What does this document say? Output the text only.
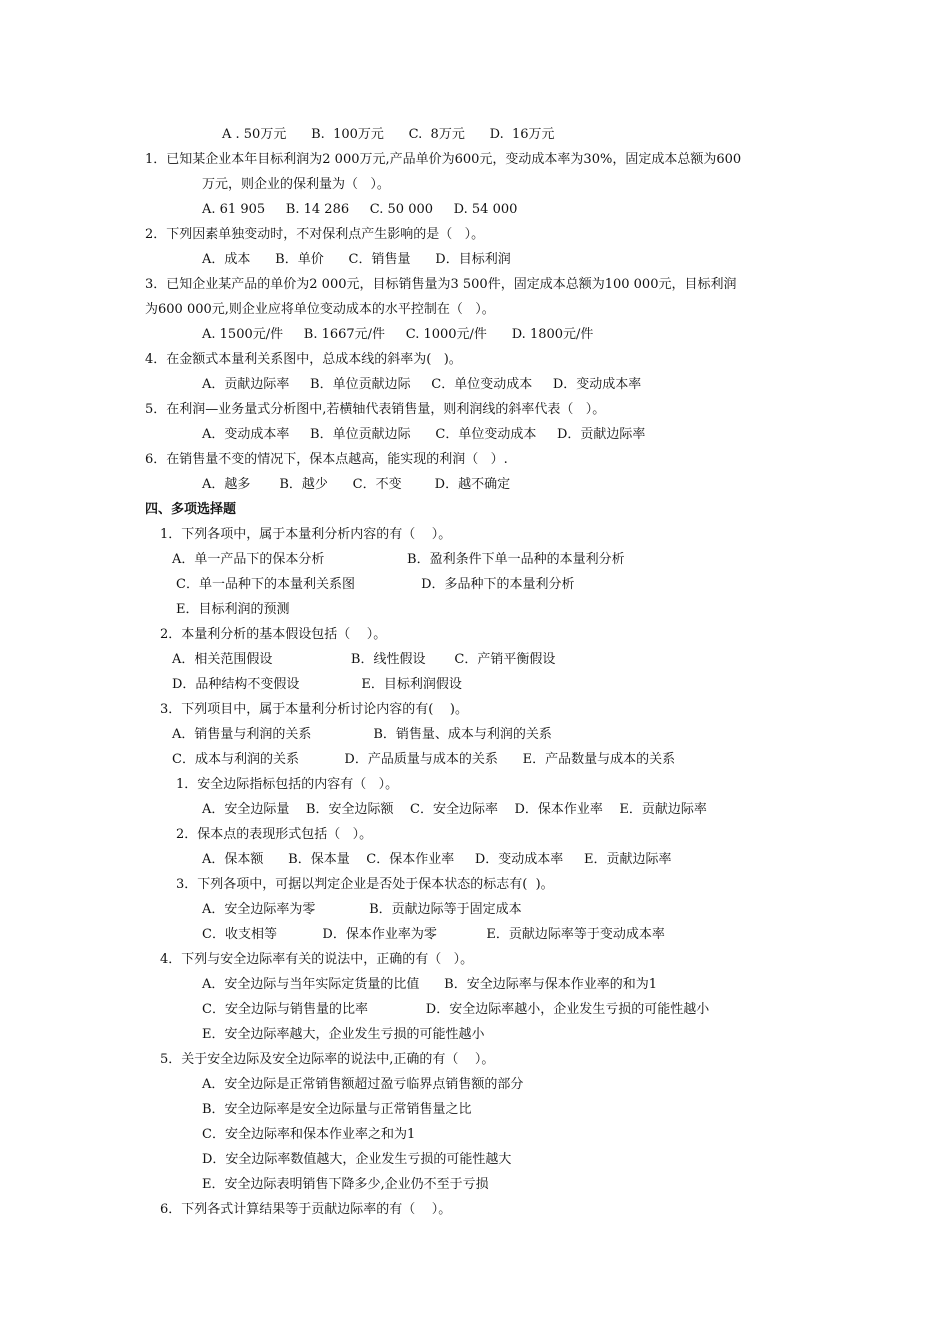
A . 50万元      B.  100万元      C.  8万元      D.  16万元
1．已知某企业本年目标利润为2 000万元,产品单价为600元，变动成本率为30%，固定成本总额为600
万元，则企业的保利量为（   ）。
A. 61 905     B. 14 286     C. 50 000     D. 54 000
2．下列因素单独变动时，不对保利点产生影响的是（   ）。
A．成本      B．单价      C．销售量      D．目标利润
3．已知企业某产品的单价为2 000元，目标销售量为3 500件，固定成本总额为100 000元，目标利润
为600 000元,则企业应将单位变动成本的水平控制在（   ）。
A. 1500元/件     B. 1667元/件     C. 1000元/件      D. 1800元/件
4．在金额式本量利关系图中，总成本线的斜率为(   )。
A．贡献边际率     B．单位贡献边际     C．单位变动成本     D．变动成本率
5．在利润—业务量式分析图中,若横轴代表销售量，则利润线的斜率代表（   ）。
A．变动成本率     B．单位贡献边际      C．单位变动成本     D．贡献边际率
6．在销售量不变的情况下，保本点越高，能实现的利润（   ）.
A．越多       B．越少      C．不变        D．越不确定
四、多项选择题
1．下列各项中，属于本量利分析内容的有（    ）。
A．单一产品下的保本分析                    B．盈利条件下单一品种的本量利分析
C．单一品种下的本量利关系图                D．多品种下的本量利分析
E．目标利润的预测
2．本量利分析的基本假设包括（    ）。
A．相关范围假设                   B．线性假设       C．产销平衡假设
D．品种结构不变假设               E．目标利润假设
3．下列项目中，属于本量利分析讨论内容的有(    )。
A．销售量与利润的关系               B．销售量、成本与利润的关系
C．成本与利润的关系           D．产品质量与成本的关系      E．产品数量与成本的关系
1．安全边际指标包括的内容有（   ）。
A．安全边际量    B．安全边际额    C．安全边际率    D．保本作业率    E．贡献边际率
2．保本点的表现形式包括（   ）。
A．保本额      B．保本量    C．保本作业率     D．变动成本率     E．贡献边际率
3．下列各项中，可据以判定企业是否处于保本状态的标志有(  )。
A．安全边际率为零             B．贡献边际等于固定成本
C．收支相等           D．保本作业率为零            E．贡献边际率等于变动成本率
4．下列与安全边际率有关的说法中，正确的有（   ）。
A．安全边际与当年实际定货量的比值      B．安全边际率与保本作业率的和为1
C．安全边际与销售量的比率              D．安全边际率越小，企业发生亏损的可能性越小
E．安全边际率越大，企业发生亏损的可能性越小
5．关于安全边际及安全边际率的说法中,正确的有（    ）。
A．安全边际是正常销售额超过盈亏临界点销售额的部分
B．安全边际率是安全边际量与正常销售量之比
C．安全边际率和保本作业率之和为1
D．安全边际率数值越大，企业发生亏损的可能性越大
E．安全边际表明销售下降多少,企业仍不至于亏损
6．下列各式计算结果等于贡献边际率的有（    ）。
